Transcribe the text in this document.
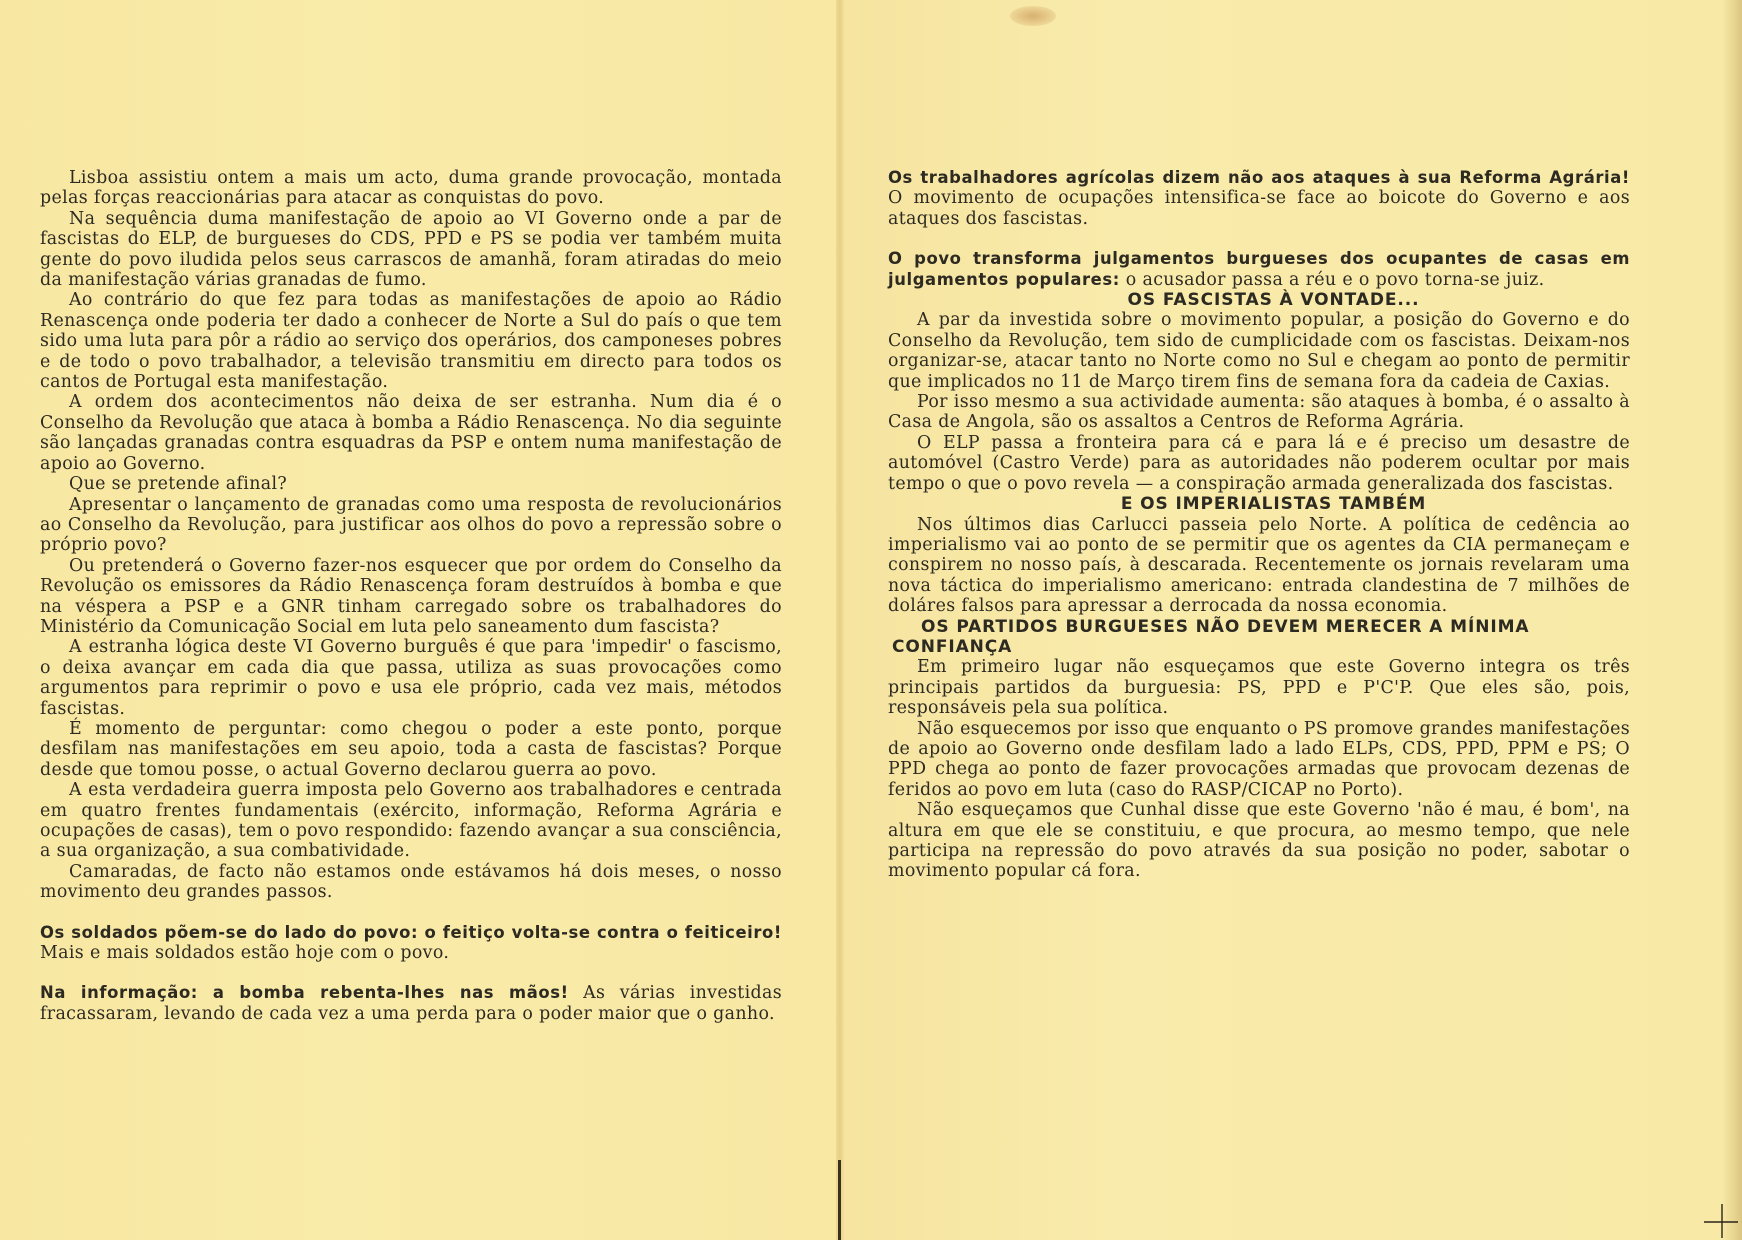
Lisboa assistiu ontem a mais um acto, duma grande provocação, montada pelas forças reaccionárias para atacar as conquistas do povo.

Na sequência duma manifestação de apoio ao VI Governo onde a par de fascistas do ELP, de burgueses do CDS, PPD e PS se podia ver também muita gente do povo iludida pelos seus carrascos de amanhã, foram atiradas do meio da manifestação várias granadas de fumo.

Ao contrário do que fez para todas as manifestações de apoio ao Rádio Renascença onde poderia ter dado a conhecer de Norte a Sul do país o que tem sido uma luta para pôr a rádio ao serviço dos operários, dos camponeses pobres e de todo o povo trabalhador, a televisão transmitiu em directo para todos os cantos de Portugal esta manifestação.

A ordem dos acontecimentos não deixa de ser estranha. Num dia é o Conselho da Revolução que ataca à bomba a Rádio Renascença. No dia seguinte são lançadas granadas contra esquadras da PSP e ontem numa manifestação de apoio ao Governo.

Que se pretende afinal?

Apresentar o lançamento de granadas como uma resposta de revolucionários ao Conselho da Revolução, para justificar aos olhos do povo a repressão sobre o próprio povo?

Ou pretenderá o Governo fazer-nos esquecer que por ordem do Conselho da Revolução os emissores da Rádio Renascença foram destruídos à bomba e que na véspera a PSP e a GNR tinham carregado sobre os trabalhadores do Ministério da Comunicação Social em luta pelo saneamento dum fascista?

A estranha lógica deste VI Governo burguês é que para 'impedir' o fascismo, o deixa avançar em cada dia que passa, utiliza as suas provocações como argumentos para reprimir o povo e usa ele próprio, cada vez mais, métodos fascistas.

É momento de perguntar: como chegou o poder a este ponto, porque desfilam nas manifestações em seu apoio, toda a casta de fascistas? Porque desde que tomou posse, o actual Governo declarou guerra ao povo.

A esta verdadeira guerra imposta pelo Governo aos trabalhadores e centrada em quatro frentes fundamentais (exército, informação, Reforma Agrária e ocupações de casas), tem o povo respondido: fazendo avançar a sua consciência, a sua organização, a sua combatividade.

Camaradas, de facto não estamos onde estávamos há dois meses, o nosso movimento deu grandes passos.

Os soldados põem-se do lado do povo: o feitiço volta-se contra o feiticeiro! Mais e mais soldados estão hoje com o povo.

Na informação: a bomba rebenta-lhes nas mãos! As várias investidas fracassaram, levando de cada vez a uma perda para o poder maior que o ganho.

Os trabalhadores agrícolas dizem não aos ataques à sua Reforma Agrária! O movimento de ocupações intensifica-se face ao boicote do Governo e aos ataques dos fascistas.

O povo transforma julgamentos burgueses dos ocupantes de casas em julgamentos populares: o acusador passa a réu e o povo torna-se juiz.

OS FASCISTAS À VONTADE...

A par da investida sobre o movimento popular, a posição do Governo e do Conselho da Revolução, tem sido de cumplicidade com os fascistas. Deixam-nos organizar-se, atacar tanto no Norte como no Sul e chegam ao ponto de permitir que implicados no 11 de Março tirem fins de semana fora da cadeia de Caxias.

Por isso mesmo a sua actividade aumenta: são ataques à bomba, é o assalto à Casa de Angola, são os assaltos a Centros de Reforma Agrária.

O ELP passa a fronteira para cá e para lá e é preciso um desastre de automóvel (Castro Verde) para as autoridades não poderem ocultar por mais tempo o que o povo revela — a conspiração armada generalizada dos fascistas.

E OS IMPERIALISTAS TAMBÉM

Nos últimos dias Carlucci passeia pelo Norte. A política de cedência ao imperialismo vai ao ponto de se permitir que os agentes da CIA permaneçam e conspirem no nosso país, à descarada. Recentemente os jornais revelaram uma nova táctica do imperialismo americano: entrada clandestina de 7 milhões de doláres falsos para apressar a derrocada da nossa economia.

OS PARTIDOS BURGUESES NÃO DEVEM MERECER A MÍNIMA CONFIANÇA

Em primeiro lugar não esqueçamos que este Governo integra os três principais partidos da burguesia: PS, PPD e P'C'P. Que eles são, pois, responsáveis pela sua política.

Não esquecemos por isso que enquanto o PS promove grandes manifestações de apoio ao Governo onde desfilam lado a lado ELPs, CDS, PPD, PPM e PS; O PPD chega ao ponto de fazer provocações armadas que provocam dezenas de feridos ao povo em luta (caso do RASP/CICAP no Porto).

Não esqueçamos que Cunhal disse que este Governo 'não é mau, é bom', na altura em que ele se constituiu, e que procura, ao mesmo tempo, que nele participa na repressão do povo através da sua posição no poder, sabotar o movimento popular cá fora.
